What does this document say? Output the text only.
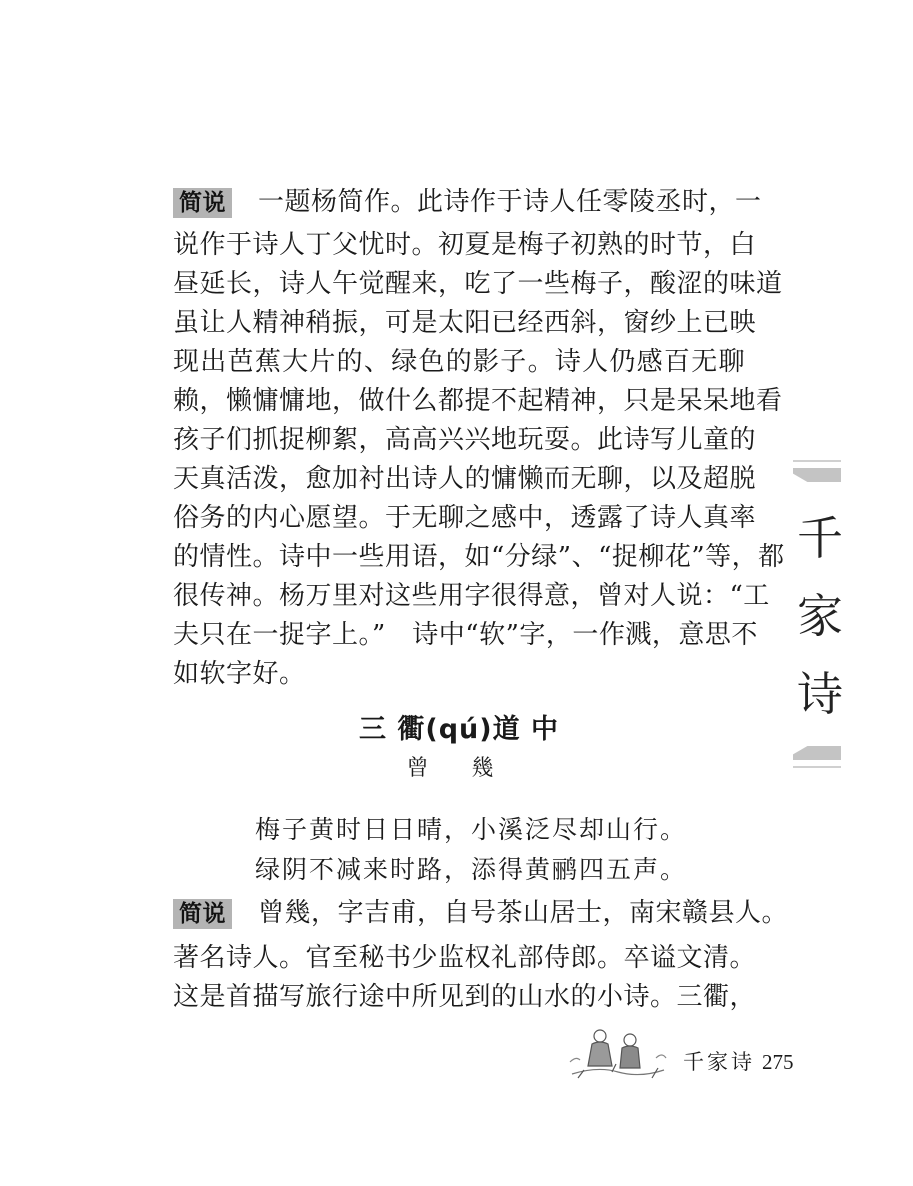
简说 一题杨简作。此诗作于诗人任零陵丞时，一
说作于诗人丁父忧时。初夏是梅子初熟的时节，白
昼延长，诗人午觉醒来，吃了一些梅子，酸涩的味道
虽让人精神稍振，可是太阳已经西斜，窗纱上已映
现出芭蕉大片的、绿色的影子。诗人仍感百无聊
赖，懒慵慵地，做什么都提不起精神，只是呆呆地看
孩子们抓捉柳絮，高高兴兴地玩耍。此诗写儿童的
天真活泼，愈加衬出诗人的慵懒而无聊，以及超脱
俗务的内心愿望。于无聊之感中，透露了诗人真率
的情性。诗中一些用语，如“分绿”、“捉柳花”等，都
很传神。杨万里对这些用字很得意，曾对人说：“工
夫只在一捉字上。”　诗中“软”字，一作溅，意思不
如软字好。
三 衢(qú)道 中
曾 幾
梅子黄时日日晴，小溪泛尽却山行。
绿阴不减来时路，添得黄鹂四五声。
简说 曾幾，字吉甫，自号茶山居士，南宋赣县人。
著名诗人。官至秘书少监权礼部侍郎。卒谥文清。
这是首描写旅行途中所见到的山水的小诗。三衢，
千
家
诗
千家诗 275
